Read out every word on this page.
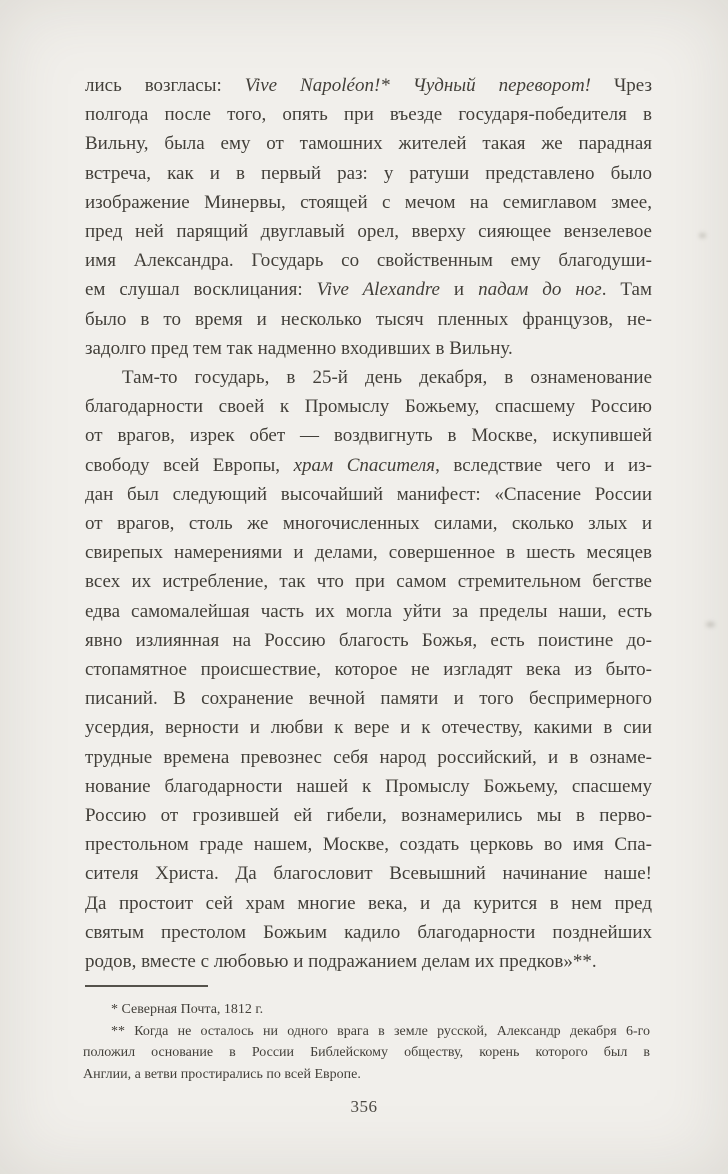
лись возгласы: Vive Napoléon!* Чудный переворот! Чрез
полгода после того, опять при въезде государя-победителя в
Вильну, была ему от тамошних жителей такая же парадная
встреча, как и в первый раз: у ратуши представлено было
изображение Минервы, стоящей с мечом на семиглавом змее,
пред ней парящий двуглавый орел, вверху сияющее вензелевое
имя Александра. Государь со свойственным ему благодуши-
ем слушал восклицания: Vive Alexandre и падам до ног. Там
было в то время и несколько тысяч пленных французов, не-
задолго пред тем так надменно входивших в Вильну.
Там-то государь, в 25-й день декабря, в ознаменование
благодарности своей к Промыслу Божьему, спасшему Россию
от врагов, изрек обет — воздвигнуть в Москве, искупившей
свободу всей Европы, храм Спасителя, вследствие чего и из-
дан был следующий высочайший манифест: «Спасение России
от врагов, столь же многочисленных силами, сколько злых и
свирепых намерениями и делами, совершенное в шесть месяцев
всех их истребление, так что при самом стремительном бегстве
едва самомалейшая часть их могла уйти за пределы наши, есть
явно излиянная на Россию благость Божья, есть поистине до-
стопамятное происшествие, которое не изгладят века из быто-
писаний. В сохранение вечной памяти и того беспримерного
усердия, верности и любви к вере и к отечеству, какими в сии
трудные времена превознес себя народ российский, и в ознаме-
нование благодарности нашей к Промыслу Божьему, спасшему
Россию от грозившей ей гибели, вознамерились мы в перво-
престольном граде нашем, Москве, создать церковь во имя Спа-
сителя Христа. Да благословит Всевышний начинание наше!
Да простоит сей храм многие века, и да курится в нем пред
святым престолом Божьим кадило благодарности позднейших
родов, вместе с любовью и подражанием делам их предков»**.
* Северная Почта, 1812 г.
** Когда не осталось ни одного врага в земле русской, Александр декабря 6-го
положил основание в России Библейскому обществу, корень которого был в
Англии, а ветви простирались по всей Европе.
356
